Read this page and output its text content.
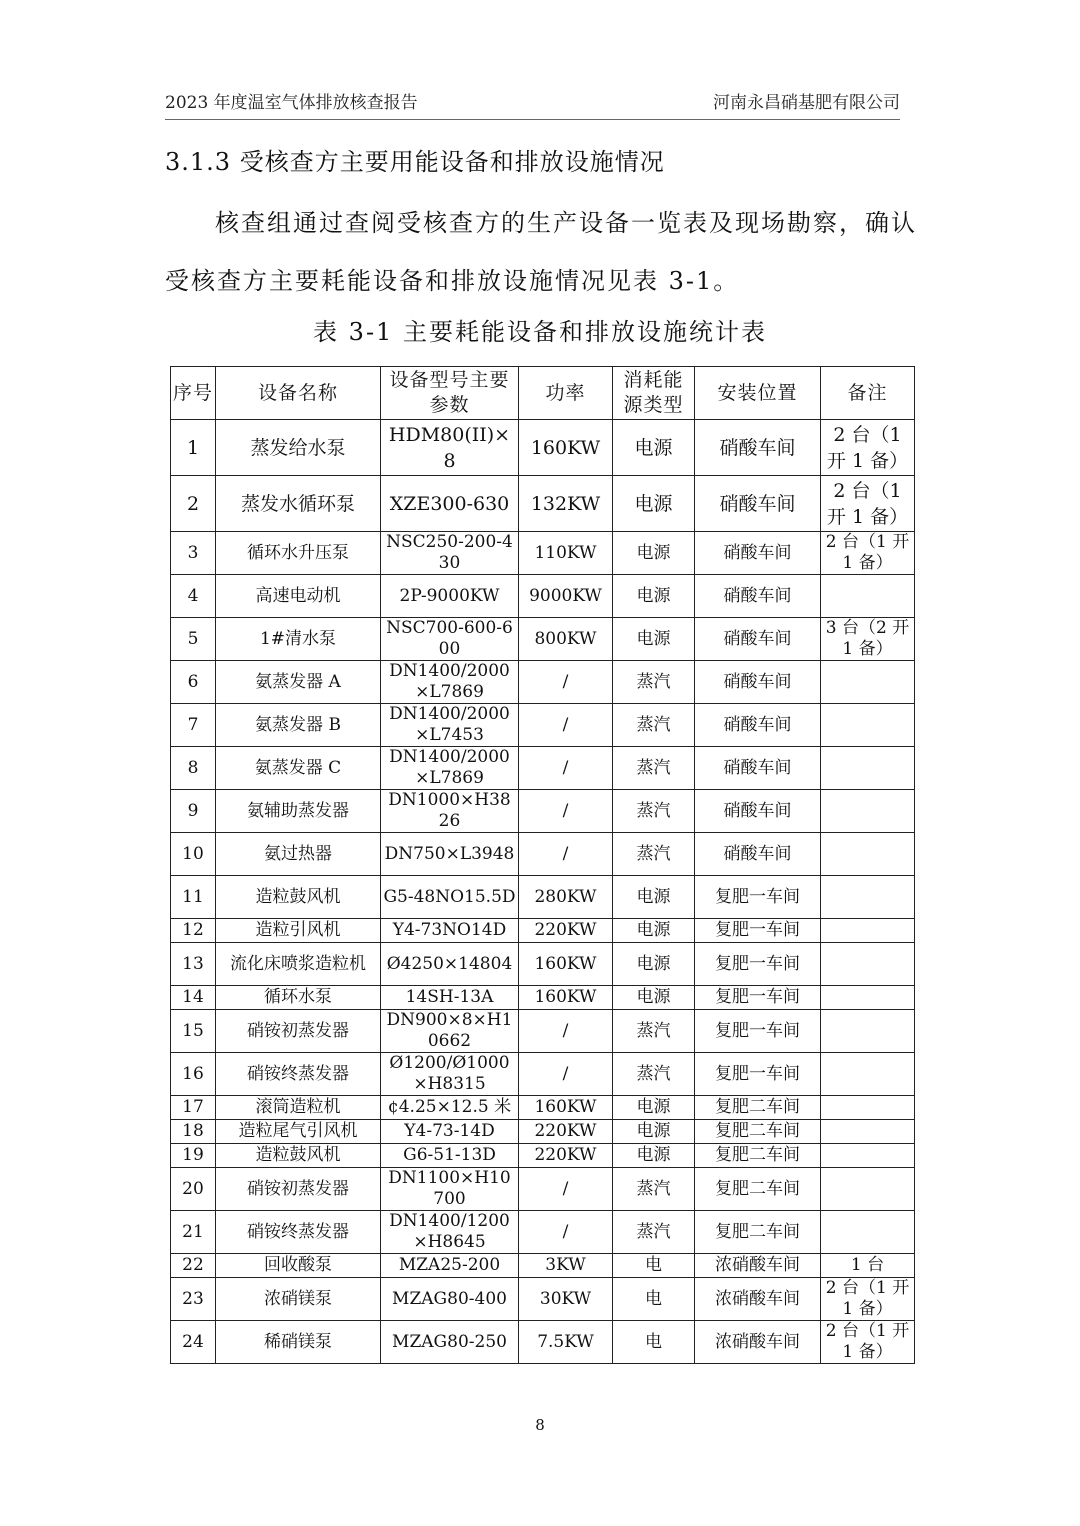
2023 年度温室气体排放核查报告	河南永昌硝基肥有限公司
3.1.3 受核查方主要用能设备和排放设施情况

核查组通过查阅受核查方的生产设备一览表及现场勘察，确认受核查方主要耗能设备和排放设施情况见表 3-1。

表 3-1 主要耗能设备和排放设施统计表
序号	设备名称	设备型号主要参数	功率	消耗能源类型	安装位置	备注
1	蒸发给水泵	HDM80(II)×8	160KW	电源	硝酸车间	2 台（1 开 1 备）
2	蒸发水循环泵	XZE300-630	132KW	电源	硝酸车间	2 台（1 开 1 备）
3	循环水升压泵	NSC250-200-430	110KW	电源	硝酸车间	2 台（1 开 1 备）
4	高速电动机	2P-9000KW	9000KW	电源	硝酸车间	
5	1#清水泵	NSC700-600-600	800KW	电源	硝酸车间	3 台（2 开 1 备）
6	氨蒸发器 A	DN1400/2000×L7869	/	蒸汽	硝酸车间	
7	氨蒸发器 B	DN1400/2000×L7453	/	蒸汽	硝酸车间	
8	氨蒸发器 C	DN1400/2000×L7869	/	蒸汽	硝酸车间	
9	氨辅助蒸发器	DN1000×H3826	/	蒸汽	硝酸车间	
10	氨过热器	DN750×L3948	/	蒸汽	硝酸车间	
11	造粒鼓风机	G5-48NO15.5D	280KW	电源	复肥一车间	
12	造粒引风机	Y4-73NO14D	220KW	电源	复肥一车间	
13	流化床喷浆造粒机	Ø4250×14804	160KW	电源	复肥一车间	
14	循环水泵	14SH-13A	160KW	电源	复肥一车间	
15	硝铵初蒸发器	DN900×8×H10662	/	蒸汽	复肥一车间	
16	硝铵终蒸发器	Ø1200/Ø1000×H8315	/	蒸汽	复肥一车间	
17	滚筒造粒机	¢4.25×12.5 米	160KW	电源	复肥二车间	
18	造粒尾气引风机	Y4-73-14D	220KW	电源	复肥二车间	
19	造粒鼓风机	G6-51-13D	220KW	电源	复肥二车间	
20	硝铵初蒸发器	DN1100×H10700	/	蒸汽	复肥二车间	
21	硝铵终蒸发器	DN1400/1200×H8645	/	蒸汽	复肥二车间	
22	回收酸泵	MZA25-200	3KW	电	浓硝酸车间	1 台
23	浓硝镁泵	MZAG80-400	30KW	电	浓硝酸车间	2 台（1 开 1 备）
24	稀硝镁泵	MZAG80-250	7.5KW	电	浓硝酸车间	2 台（1 开 1 备）
8
